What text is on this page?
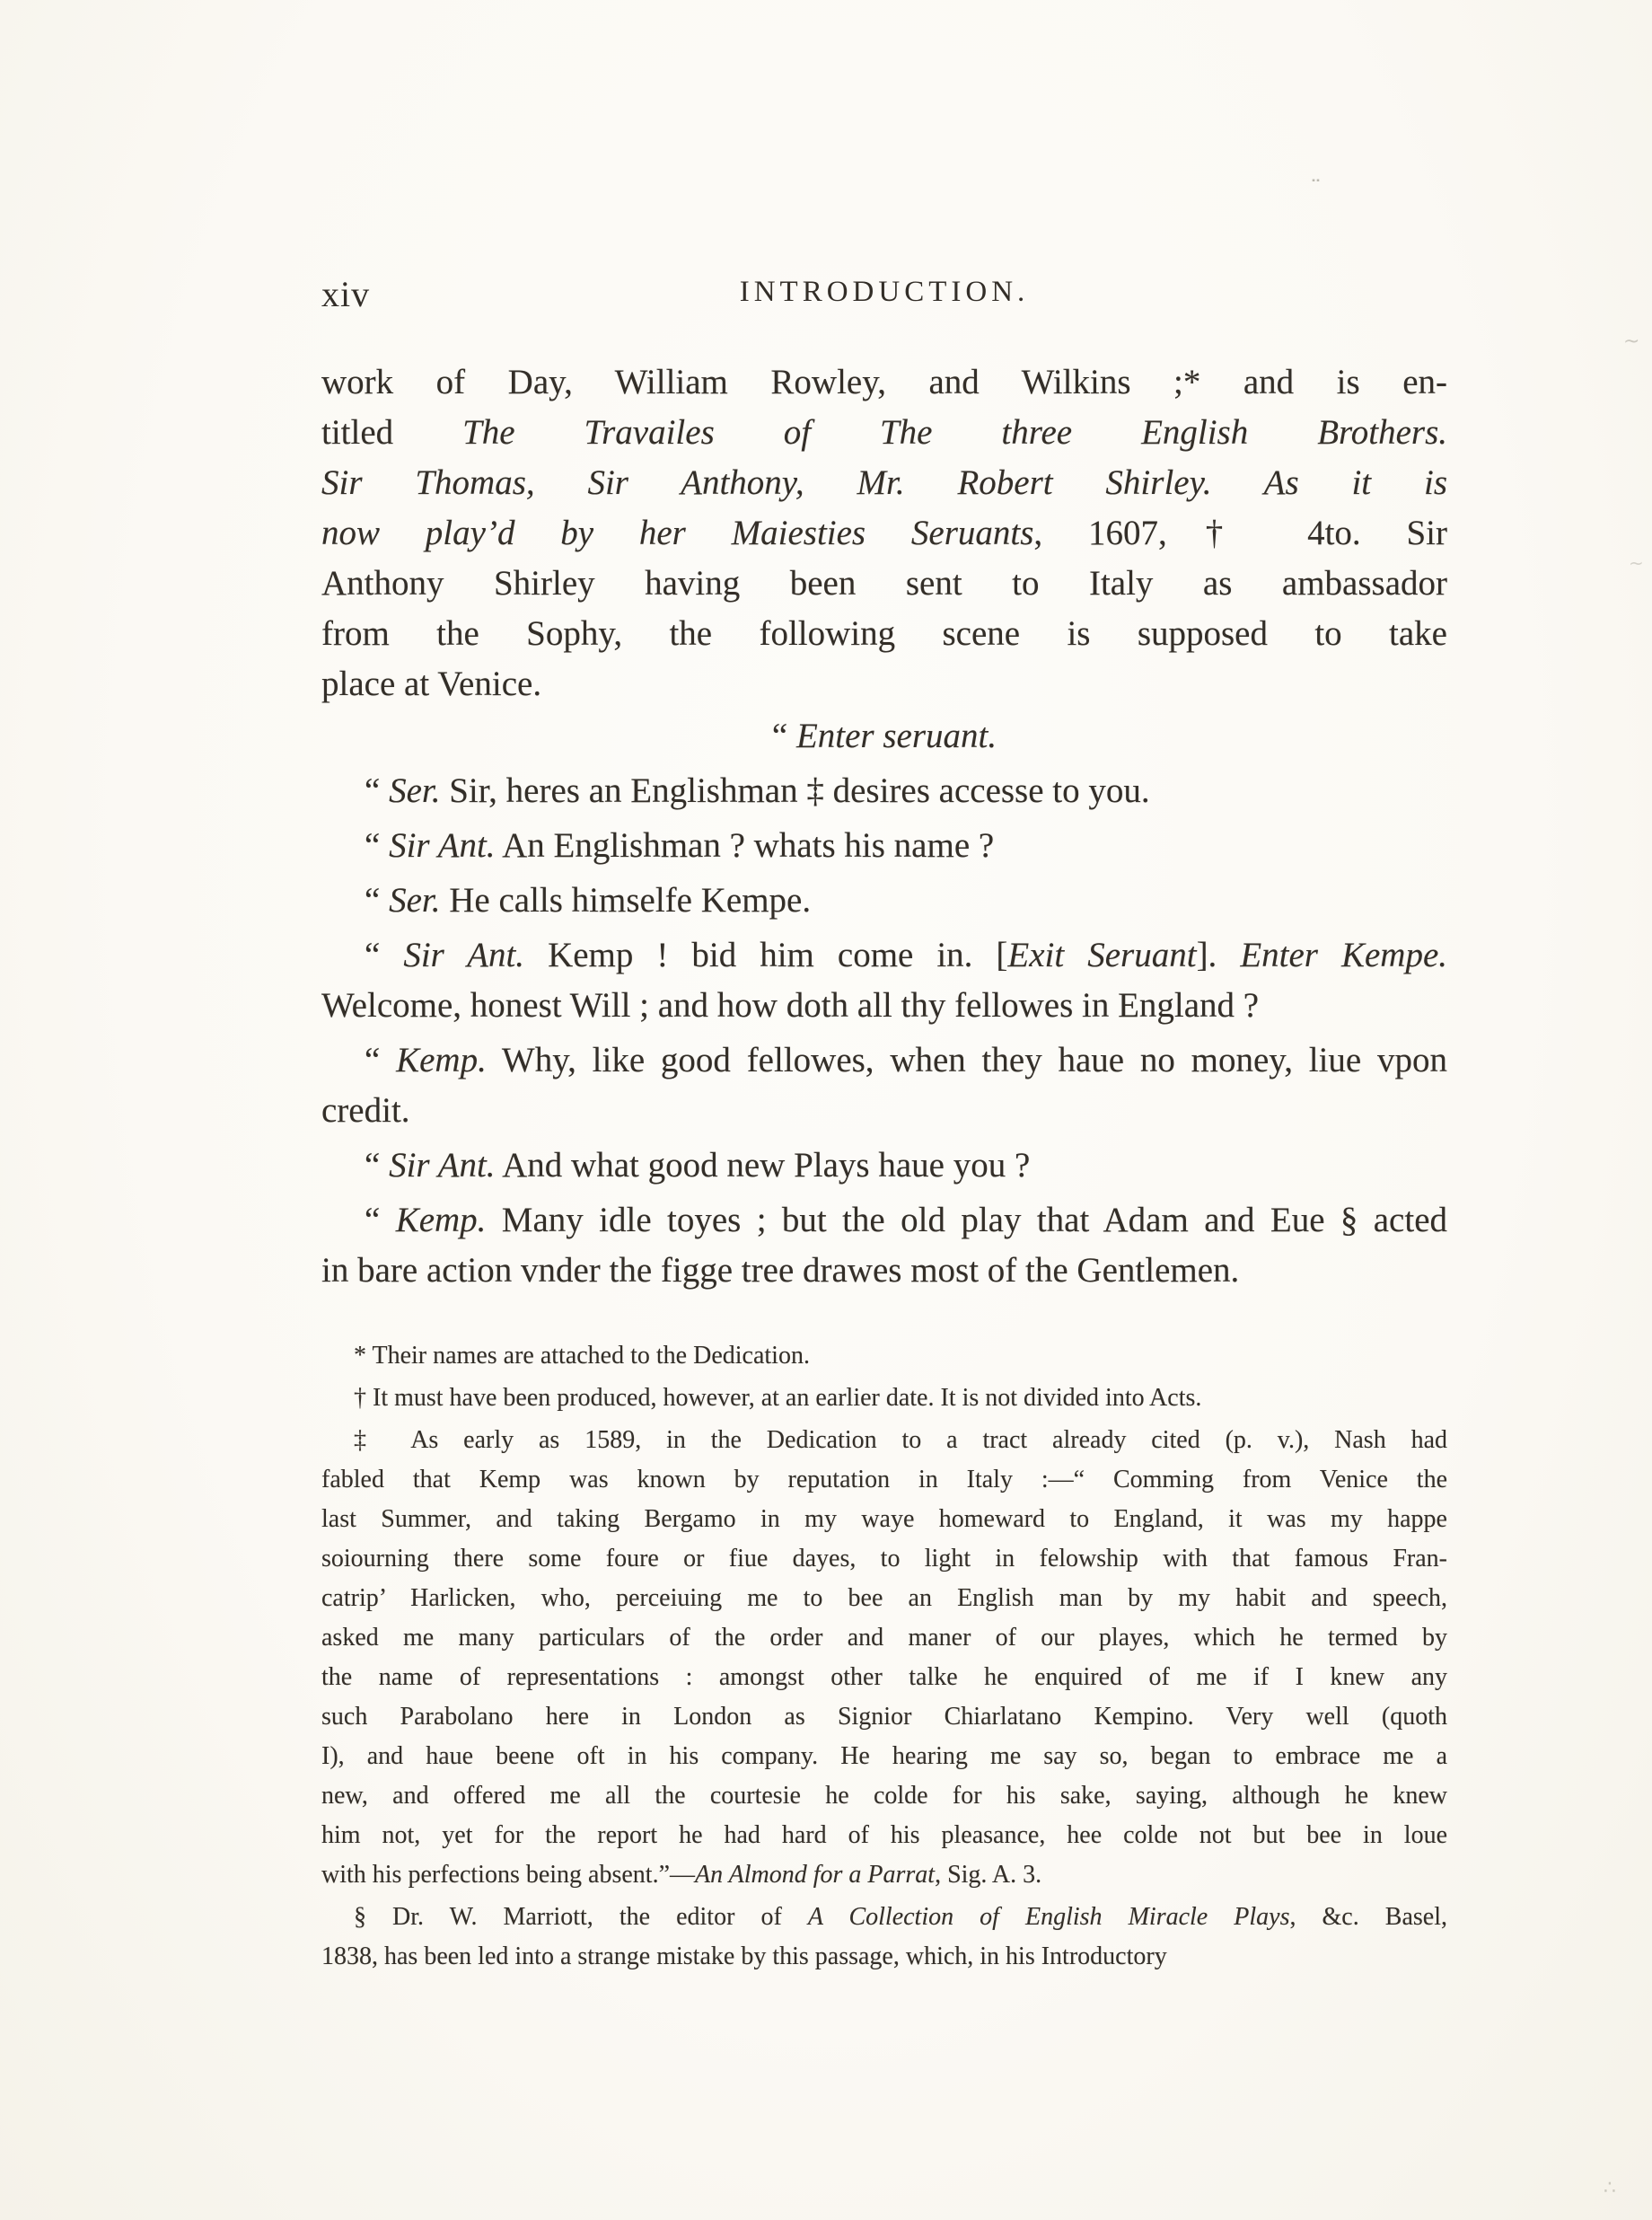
xiv	INTRODUCTION.
work of Day, William Rowley, and Wilkins ;* and is en-
titled The Travailes of The three English Brothers.
Sir Thomas, Sir Anthony, Mr. Robert Shirley. As it is
now play’d by her Maiesties Seruants, 1607,† 4to. Sir
Anthony Shirley having been sent to Italy as ambassador
from the Sophy, the following scene is supposed to take
place at Venice.
“ Enter seruant.
“ Ser. Sir, heres an Englishman ‡ desires accesse to you.
“ Sir Ant. An Englishman ? whats his name ?
“ Ser. He calls himselfe Kempe.
“ Sir Ant. Kemp ! bid him come in. [Exit Seruant]. Enter Kempe.
Welcome, honest Will ; and how doth all thy fellowes in England ?
“ Kemp. Why, like good fellowes, when they haue no money, liue vpon
credit.
“ Sir Ant. And what good new Plays haue you ?
“ Kemp. Many idle toyes ; but the old play that Adam and Eue § acted
in bare action vnder the figge tree drawes most of the Gentlemen.
* Their names are attached to the Dedication.
† It must have been produced, however, at an earlier date. It is not divided into Acts.
‡ As early as 1589, in the Dedication to a tract already cited (p. v.), Nash had
fabled that Kemp was known by reputation in Italy :—“ Comming from Venice the
last Summer, and taking Bergamo in my waye homeward to England, it was my happe
soiourning there some foure or fiue dayes, to light in felowship with that famous Fran-
catrip’ Harlicken, who, perceiuing me to bee an English man by my habit and speech,
asked me many particulars of the order and maner of our playes, which he termed by
the name of representations : amongst other talke he enquired of me if I knew any
such Parabolano here in London as Signior Chiarlatano Kempino. Very well (quoth
I), and haue beene oft in his company. He hearing me say so, began to embrace me a
new, and offered me all the courtesie he colde for his sake, saying, although he knew
him not, yet for the report he had hard of his pleasance, hee colde not but bee in loue
with his perfections being absent.”—An Almond for a Parrat, Sig. A. 3.
§ Dr. W. Marriott, the editor of A Collection of English Miracle Plays, &c. Basel,
1838, has been led into a strange mistake by this passage, which, in his Introductory
¨
~
~
∴
